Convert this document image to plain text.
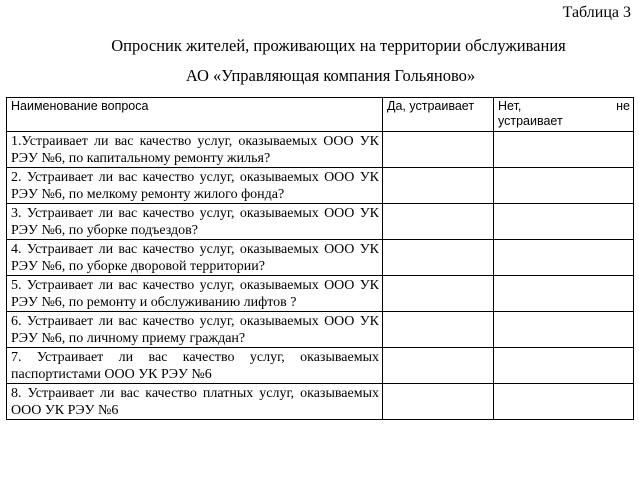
Таблица 3
Опросник жителей, проживающих на территории обслуживания
АО «Управляющая компания Гольяново»
Наименование вопроса	Да, устраивает	Нет, не
устраивает
1.Устраивает ли вас качество услуг, оказываемых ООО УК РЭУ №6, по капитальному ремонту жилья?		
2. Устраивает ли вас качество услуг, оказываемых ООО УК РЭУ №6, по мелкому ремонту жилого фонда?		
3. Устраивает ли вас качество услуг, оказываемых ООО УК РЭУ №6, по уборке подъездов?		
4. Устраивает ли вас качество услуг, оказываемых ООО УК РЭУ №6, по уборке дворовой территории?		
5. Устраивает ли вас качество услуг, оказываемых ООО УК РЭУ №6, по ремонту и обслуживанию лифтов ?		
6. Устраивает ли вас качество услуг, оказываемых ООО УК РЭУ №6, по личному приему граждан?		
7. Устраивает ли вас качество услуг, оказываемых паспортистами ООО УК РЭУ №6		
8. Устраивает ли вас качество платных услуг, оказываемых ООО УК РЭУ №6		
